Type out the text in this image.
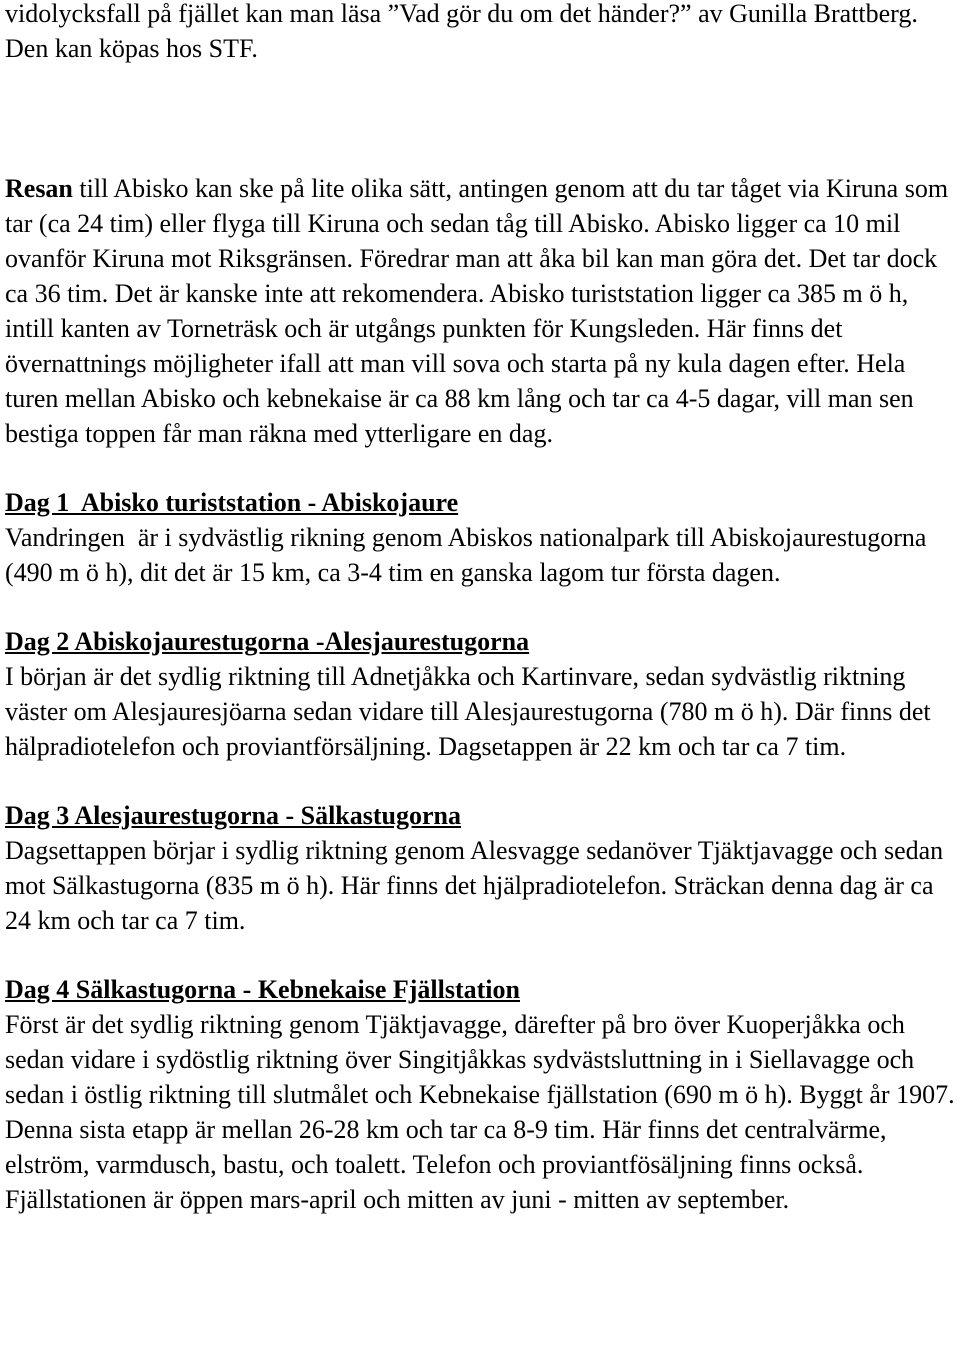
vidolycksfall på fjället kan man läsa ”Vad gör du om det händer?” av Gunilla Brattberg. Den kan köpas hos STF.

Resan till Abisko kan ske på lite olika sätt, antingen genom att du tar tåget via Kiruna som tar (ca 24 tim) eller flyga till Kiruna och sedan tåg till Abisko. Abisko ligger ca 10 mil ovanför Kiruna mot Riksgränsen. Föredrar man att åka bil kan man göra det. Det tar dock ca 36 tim. Det är kanske inte att rekomendera. Abisko turiststation ligger ca 385 m ö h, intill kanten av Torneträsk och är utgångs punkten för Kungsleden. Här finns det övernattnings möjligheter ifall att man vill sova och starta på ny kula dagen efter. Hela turen mellan Abisko och kebnekaise är ca 88 km lång och tar ca 4-5 dagar, vill man sen bestiga toppen får man räkna med ytterligare en dag.

Dag 1  Abisko turiststation - Abiskojaure

Vandringen  är i sydvästlig rikning genom Abiskos nationalpark till Abiskojaurestugorna (490 m ö h), dit det är 15 km, ca 3-4 tim en ganska lagom tur första dagen.

Dag 2 Abiskojaurestugorna -Alesjaurestugorna

I början är det sydlig riktning till Adnetjåkka och Kartinvare, sedan sydvästlig riktning väster om Alesjauresjöarna sedan vidare till Alesjaurestugorna (780 m ö h). Där finns det hälpradiotelefon och proviantförsäljning. Dagsetappen är 22 km och tar ca 7 tim.

Dag 3 Alesjaurestugorna - Sälkastugorna

Dagsettappen börjar i sydlig riktning genom Alesvagge sedanöver Tjäktjavagge och sedan mot Sälkastugorna (835 m ö h). Här finns det hjälpradiotelefon. Sträckan denna dag är ca 24 km och tar ca 7 tim.

Dag 4 Sälkastugorna - Kebnekaise Fjällstation

Först är det sydlig riktning genom Tjäktjavagge, därefter på bro över Kuoperjåkka och sedan vidare i sydöstlig riktning över Singitjåkkas sydvästsluttning in i Siellavagge och sedan i östlig riktning till slutmålet och Kebnekaise fjällstation (690 m ö h). Byggt år 1907. Denna sista etapp är mellan 26-28 km och tar ca 8-9 tim. Här finns det centralvärme, elström, varmdusch, bastu, och toalett. Telefon och proviantfösäljning finns också. Fjällstationen är öppen mars-april och mitten av juni - mitten av september.
